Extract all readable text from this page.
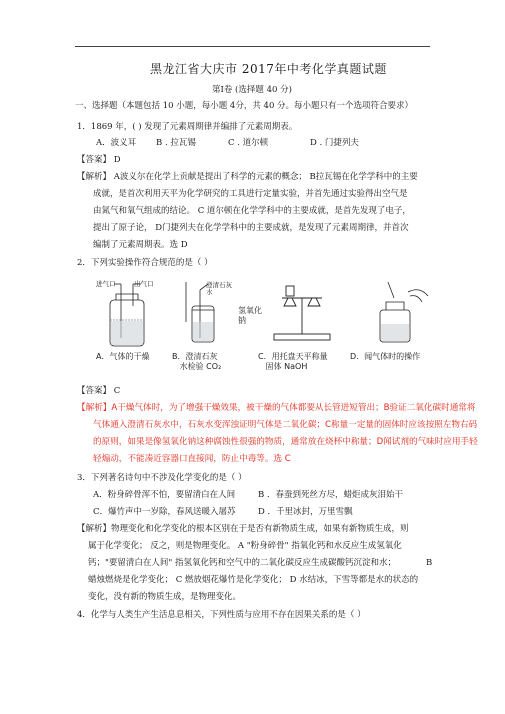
黑龙江省大庆市 2017年中考化学真题试题
第I卷 (选择题 40 分)
一、选择题（本题包括 10 小题，每小题 4分，共 40 分。每小题只有一个选项符合要求）
1．1869 年，( ) 发现了元素周期律并编排了元素周期表。
A．波义耳 B . 拉瓦锡	C . 道尔顿	D . 门捷列夫
【答案】 D
【解析】 A波义尔在化学上贡献是提出了科学的元素的概念； B拉瓦锡在化学学科中的主要
成就，是首次利用天平为化学研究的工具进行定量实验，并首先通过实验得出空气是
由氮气和氧气组成的结论。 C 道尔顿在化学学科中的主要成就，是首先发现了电子，
提出了原子论， D门捷列夫在化学学科中的主要成就，是发现了元素周期律，并首次
编制了元素周期表。选 D
2．下列实验操作符合规范的是（ ）
进气口	出气口	澄清石灰水
氢氧化钠
A．气体的干燥	B．澄清石灰
水检验 CO₂
C．用托盘天平称量
固体 NaOH
D．闻气体时的操作
【答案】 C
【解析】A干燥气体时，为了增强干燥效果，被干燥的气体都要从长管进短管出；B验证二氧化碳时通常将
气体通入澄清石灰水中，石灰水变浑浊证明气体是二氧化碳；C称量一定量的固体时应该按照左物右码
的原则，如果是像氢氧化钠这种腐蚀性很强的物质，通常放在烧杯中称量；D闻试剂的气味时应用手轻
轻煽动，不能凑近容器口直接闻，防止中毒等。选 C
3．下列著名诗句中不涉及化学变化的是（ ）
A．粉身碎骨浑不怕，要留清白在人间	B ．春蚕到死丝方尽，蜡炬成灰泪始干
C．爆竹声中一岁除，春风送暖入屠苏	D ．千里冰封，万里雪飘
【解析】物理变化和化学变化的根本区别在于是否有新物质生成，如果有新物质生成，则
属于化学变化； 反之，则是物理变化。 A "粉身碎骨" 指氧化钙和水反应生成氢氧化
钙；"要留清白在人间" 指氢氧化钙和空气中的二氧化碳反应生成碳酸钙沉淀和水；	B
蜡烛燃烧是化学变化； C 燃放烟花爆竹是化学变化； D 水结冰，下雪等都是水的状态的
变化，没有新的物质生成，是物理变化。
4．化学与人类生产生活息息相关，下列性质与应用不存在因果关系的是（ ）
